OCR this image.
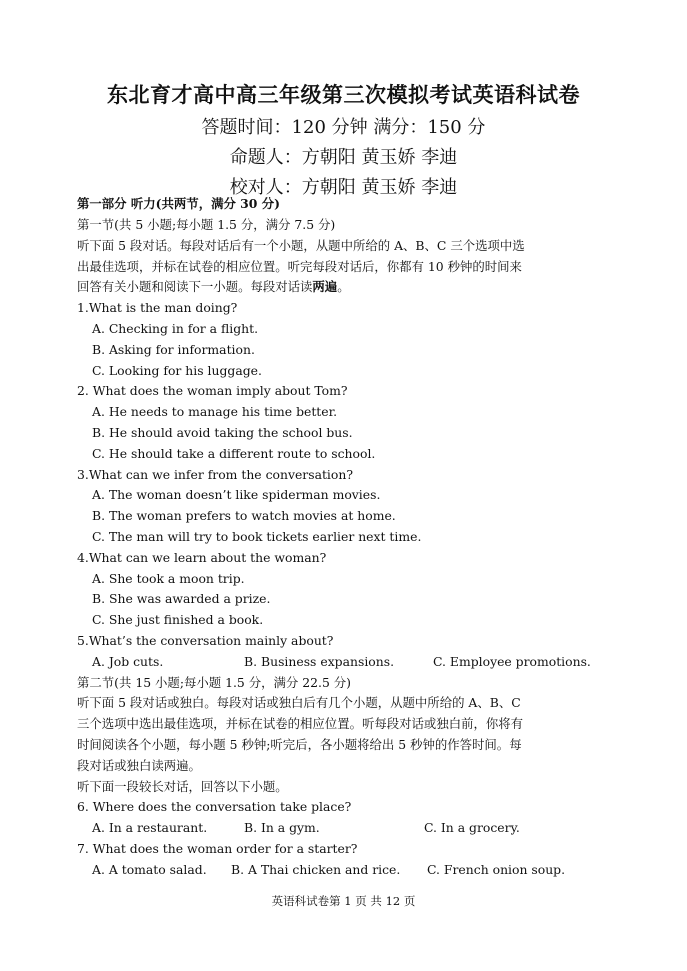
东北育才高中高三年级第三次模拟考试英语科试卷
答题时间：120 分钟 满分：150 分
命题人：方朝阳 黄玉娇 李迪
校对人：方朝阳 黄玉娇 李迪
第一部分 听力(共两节，满分 30 分)
第一节(共 5 小题;每小题 1.5 分，满分 7.5 分)
听下面 5 段对话。每段对话后有一个小题，从题中所给的 A、B、C 三个选项中选
出最佳选项，并标在试卷的相应位置。听完每段对话后，你都有 10 秒钟的时间来
回答有关小题和阅读下一小题。每段对话读两遍。
1.What is the man doing?
A. Checking in for a flight.
B. Asking for information.
C. Looking for his luggage.
2. What does the woman imply about Tom?
A. He needs to manage his time better.
B. He should avoid taking the school bus.
C. He should take a different route to school.
3.What can we infer from the conversation?
A. The woman doesn’t like spiderman movies.
B. The woman prefers to watch movies at home.
C. The man will try to book tickets earlier next time.
4.What can we learn about the woman?
A. She took a moon trip.
B. She was awarded a prize.
C. She just finished a book.
5.What’s the conversation mainly about?
A. Job cuts.	B. Business expansions.	C. Employee promotions.
第二节(共 15 小题;每小题 1.5 分，满分 22.5 分)
听下面 5 段对话或独白。每段对话或独白后有几个小题，从题中所给的 A、B、C
三个选项中选出最佳选项，并标在试卷的相应位置。听每段对话或独白前，你将有
时间阅读各个小题，每小题 5 秒钟;听完后，各小题将给出 5 秒钟的作答时间。每
段对话或独白读两遍。
听下面一段较长对话，回答以下小题。
6. Where does the conversation take place?
A. In a restaurant.	B. In a gym.	C. In a grocery.
7. What does the woman order for a starter?
A. A tomato salad. B. A Thai chicken and rice. C. French onion soup.
英语科试卷第 1 页 共 12 页
